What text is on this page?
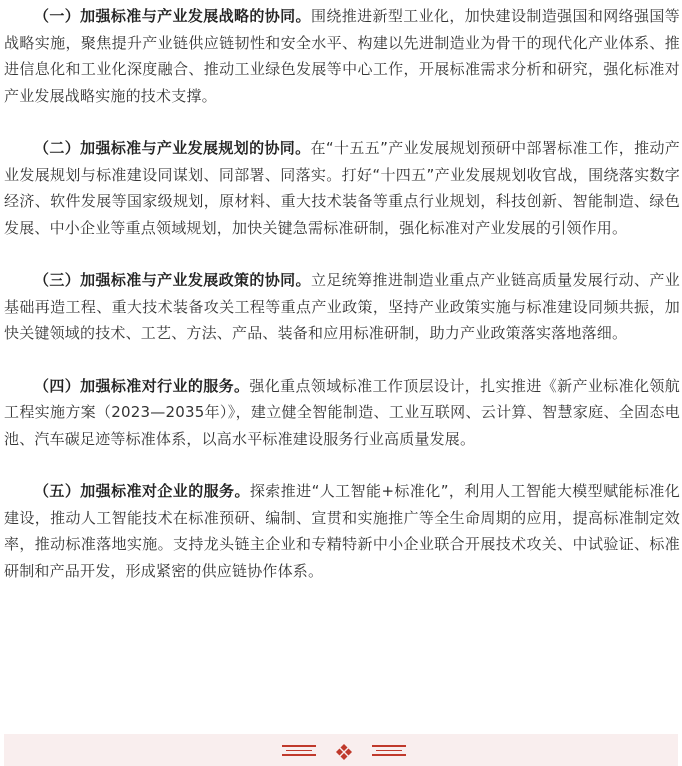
（一）加强标准与产业发展战略的协同。围绕推进新型工业化，加快建设制造强国和网络强国等战略实施，聚焦提升产业链供应链韧性和安全水平、构建以先进制造业为骨干的现代化产业体系、推进信息化和工业化深度融合、推动工业绿色发展等中心工作，开展标准需求分析和研究，强化标准对产业发展战略实施的技术支撑。

（二）加强标准与产业发展规划的协同。在“十五五”产业发展规划预研中部署标准工作，推动产业发展规划与标准建设同谋划、同部署、同落实。打好“十四五”产业发展规划收官战，围绕落实数字经济、软件发展等国家级规划，原材料、重大技术装备等重点行业规划，科技创新、智能制造、绿色发展、中小企业等重点领域规划，加快关键急需标准研制，强化标准对产业发展的引领作用。

（三）加强标准与产业发展政策的协同。立足统筹推进制造业重点产业链高质量发展行动、产业基础再造工程、重大技术装备攻关工程等重点产业政策，坚持产业政策实施与标准建设同频共振，加快关键领域的技术、工艺、方法、产品、装备和应用标准研制，助力产业政策落实落地落细。

（四）加强标准对行业的服务。强化重点领域标准工作顶层设计，扎实推进《新产业标准化领航工程实施方案（2023—2035年）》，建立健全智能制造、工业互联网、云计算、智慧家庭、全固态电池、汽车碳足迹等标准体系，以高水平标准建设服务行业高质量发展。

（五）加强标准对企业的服务。探索推进“人工智能+标准化”，利用人工智能大模型赋能标准化建设，推动人工智能技术在标准预研、编制、宣贯和实施推广等全生命周期的应用，提高标准制定效率，推动标准落地实施。支持龙头链主企业和专精特新中小企业联合开展技术攻关、中试验证、标准研制和产品开发，形成紧密的供应链协作体系。
